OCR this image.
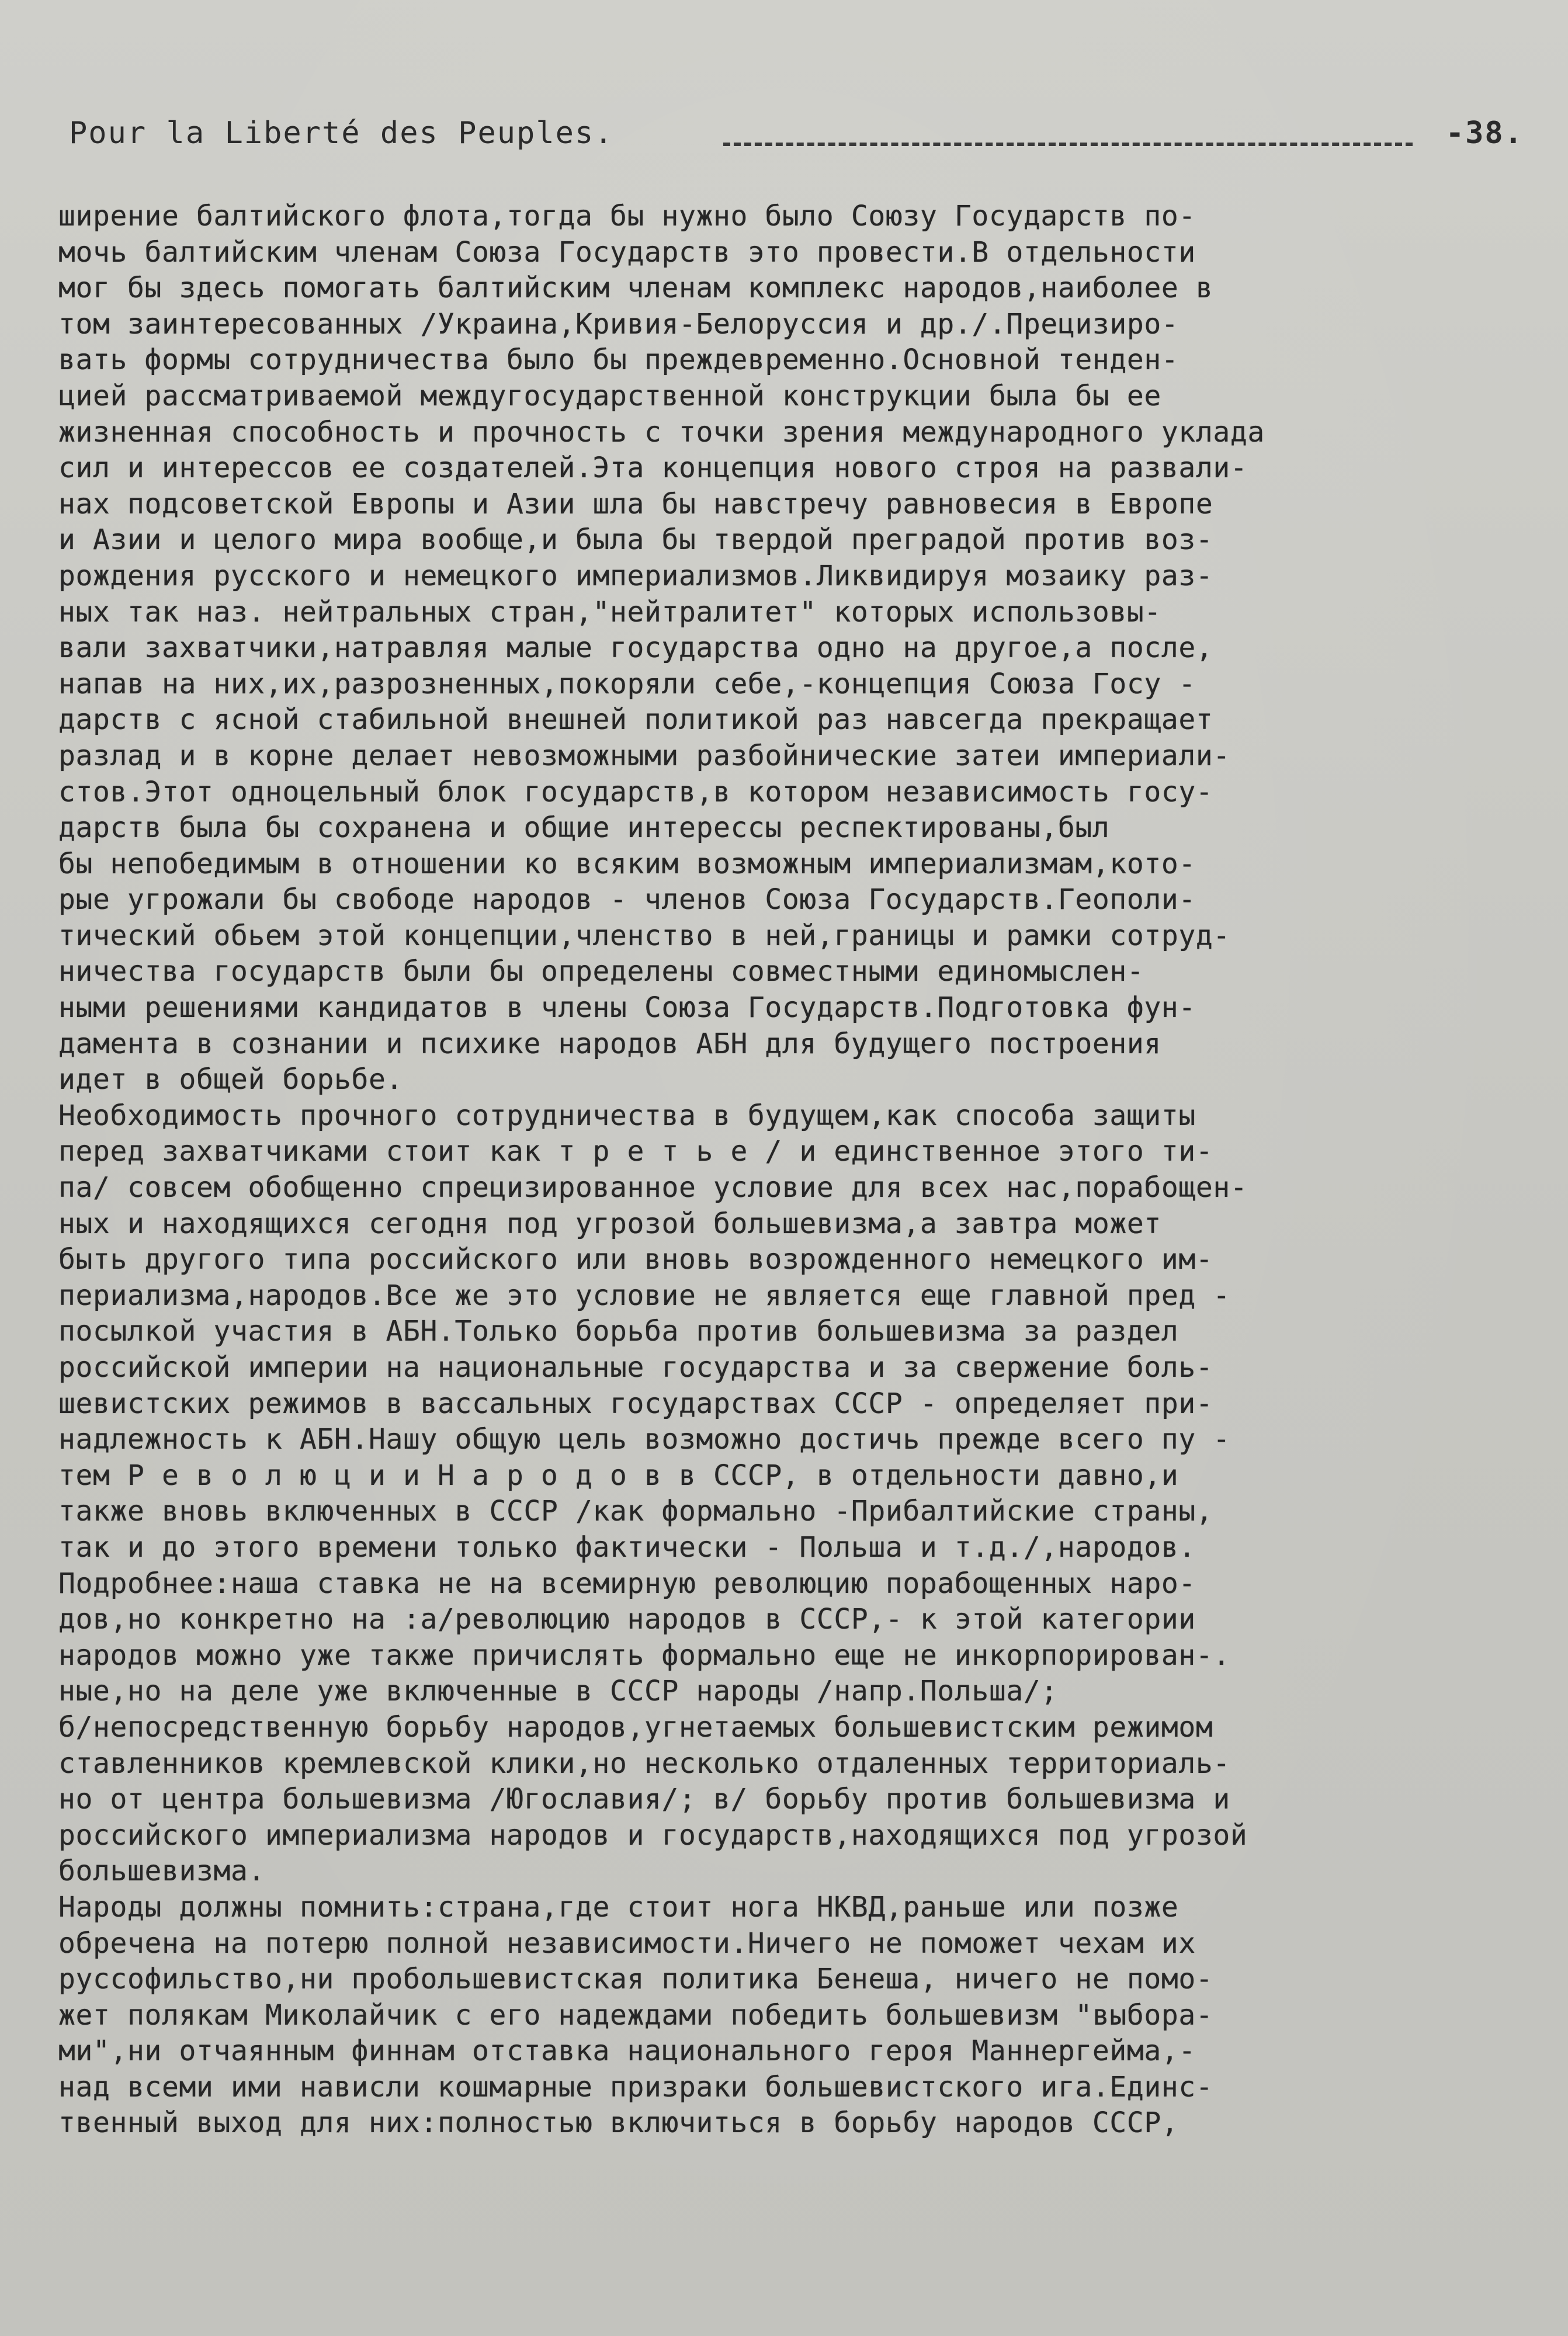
Pour la Liberté des Peuples.	-38.
ширение балтийского флота,тогда бы нужно было Союзу Государств по-
мочь балтийским членам Союза Государств это провести.В отдельности
мог бы здесь помогать балтийским членам комплекс народов,наиболее в
том заинтересованных /Украина,Кривия-Белоруссия и др./.Прецизиро-
вать формы сотрудничества было бы преждевременно.Основной тенден-
цией рассматриваемой междугосударственной конструкции была бы ее
жизненная способность и прочность с точки зрения международного уклада
сил и интерессов ее создателей.Эта концепция нового строя на развали-
нах подсоветской Европы и Азии шла бы навстречу равновесия в Европе
и Азии и целого мира вообще,и была бы твердой преградой против воз-
рождения русского и немецкого империализмов.Ликвидируя мозаику раз-
ных так наз. нейтральных стран,"нейтралитет" которых использовы-
вали захватчики,натравляя малые государства одно на другое,а после,
напав на них,их,разрозненных,покоряли себе,-концепция Союза Госу -
дарств с ясной стабильной внешней политикой раз навсегда прекращает
разлад и в корне делает невозможными разбойнические затеи империали-
стов.Этот одноцельный блок государств,в котором независимость госу-
дарств была бы сохранена и общие интерессы респектированы,был
бы непобедимым в отношении ко всяким возможным империализмам,кото-
рые угрожали бы свободе народов - членов Союза Государств.Геополи-
тический обьем этой концепции,членство в ней,границы и рамки сотруд-
ничества государств были бы определены совместными единомыслен-
ными решениями кандидатов в члены Союза Государств.Подготовка фун-
дамента в сознании и психике народов АБН для будущего построения
идет в общей борьбе.
Необходимость прочного сотрудничества в будущем,как способа защиты
перед захватчиками стоит как т р е т ь е / и единственное этого ти-
па/ совсем обобщенно спрецизированное условие для всех нас,порабощен-
ных и находящихся сегодня под угрозой большевизма,а завтра может
быть другого типа российского или вновь возрожденного немецкого им-
периализма,народов.Все же это условие не является еще главной пред -
посылкой участия в АБН.Только борьба против большевизма за раздел
российской империи на национальные государства и за свержение боль-
шевистских режимов в вассальных государствах СССР - определяет при-
надлежность к АБН.Нашу общую цель возможно достичь прежде всего пу -
тем Р е в о л ю ц и и Н а р о д о в в СССР, в отдельности давно,и
также вновь включенных в СССР /как формально -Прибалтийские страны,
так и до этого времени только фактически - Польша и т.д./,народов.
Подробнее:наша ставка не на всемирную революцию порабощенных наро-
дов,но конкретно на :а/революцию народов в СССР,- к этой категории
народов можно уже также причислять формально еще не инкорпорирован-.
ные,но на деле уже включенные в СССР народы /напр.Польша/;
б/непосредственную борьбу народов,угнетаемых большевистским режимом
ставленников кремлевской клики,но несколько отдаленных территориаль-
но от центра большевизма /Югославия/; в/ борьбу против большевизма и
российского империализма народов и государств,находящихся под угрозой
большевизма.
Народы должны помнить:страна,где стоит нога НКВД,раньше или позже
обречена на потерю полной независимости.Ничего не поможет чехам их
руссофильство,ни пробольшевистская политика Бенеша, ничего не помо-
жет полякам Миколайчик с его надеждами победить большевизм "выбора-
ми",ни отчаянным финнам отставка национального героя Маннергейма,-
над всеми ими нависли кошмарные призраки большевистского ига.Единс-
твенный выход для них:полностью включиться в борьбу народов СССР,
